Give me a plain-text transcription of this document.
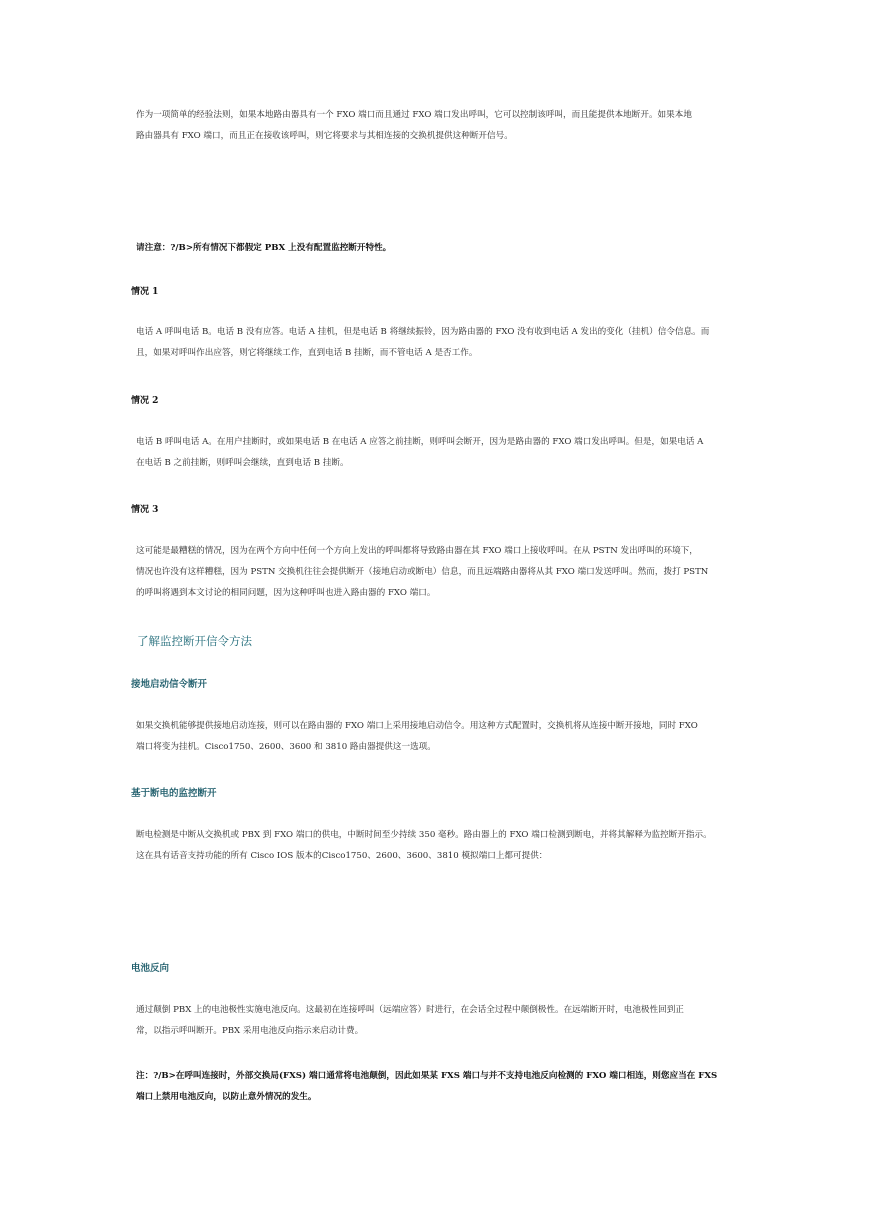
作为一项简单的经验法则，如果本地路由器具有一个 FXO 端口而且通过 FXO 端口发出呼叫，它可以控制该呼叫，而且能提供本地断开。如果本地
路由器具有 FXO 端口，而且正在接收该呼叫，则它将要求与其相连接的交换机提供这种断开信号。

请注意：?/B>所有情况下都假定 PBX 上没有配置监控断开特性。

情况 1

电话 A 呼叫电话 B。电话 B 没有应答。电话 A 挂机，但是电话 B 将继续振铃，因为路由器的 FXO 没有收到电话 A 发出的变化（挂机）信令信息。而
且，如果对呼叫作出应答，则它将继续工作，直到电话 B 挂断，而不管电话 A 是否工作。

情况 2

电话 B 呼叫电话 A。在用户挂断时，或如果电话 B 在电话 A 应答之前挂断，则呼叫会断开，因为是路由器的 FXO 端口发出呼叫。但是，如果电话 A
在电话 B 之前挂断，则呼叫会继续，直到电话 B 挂断。

情况 3

这可能是最糟糕的情况，因为在两个方向中任何一个方向上发出的呼叫都将导致路由器在其 FXO 端口上接收呼叫。在从 PSTN 发出呼叫的环境下，
情况也许没有这样糟糕，因为 PSTN 交换机往往会提供断开（接地启动或断电）信息，而且远端路由器将从其 FXO 端口发送呼叫。然而，拨打 PSTN
的呼叫将遇到本文讨论的相同问题，因为这种呼叫也进入路由器的 FXO 端口。

了解监控断开信令方法

接地启动信令断开

如果交换机能够提供接地启动连接，则可以在路由器的 FXO 端口上采用接地启动信令。用这种方式配置时，交换机将从连接中断开接地，同时 FXO
端口将变为挂机。Cisco1750、2600、3600 和 3810 路由器提供这一选项。

基于断电的监控断开

断电检测是中断从交换机或 PBX 到 FXO 端口的供电，中断时间至少持续 350 毫秒。路由器上的 FXO 端口检测到断电，并将其解释为监控断开指示。
这在具有话音支持功能的所有 Cisco IOS 版本的Cisco1750、2600、3600、3810 模拟端口上都可提供：

电池反向

通过颠倒 PBX 上的电池极性实施电池反向。这最初在连接呼叫（远端应答）时进行，在会话全过程中颠倒极性。在远端断开时，电池极性回到正
常，以指示呼叫断开。PBX 采用电池反向指示来启动计费。

注：?/B>在呼叫连接时，外部交换局(FXS) 端口通常将电池颠倒，因此如果某 FXS 端口与并不支持电池反向检测的 FXO 端口相连，则您应当在 FXS
端口上禁用电池反向，以防止意外情况的发生。
